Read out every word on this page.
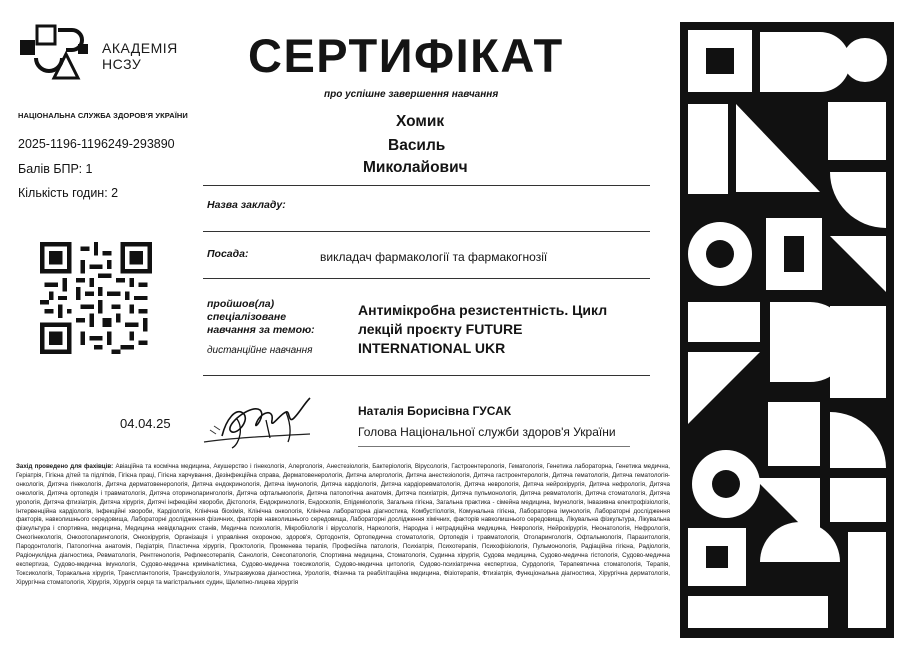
АКАДЕМІЯ
НСЗУ
НАЦІОНАЛЬНА СЛУЖБА ЗДОРОВ'Я УКРАЇНИ
2025-1196-1196249-293890
Балів БПР: 1
Кількість годин: 2
04.04.25
СЕРТИФІКАТ
про успішне завершення навчання
Хомик
Василь
Миколайович
Назва закладу:
Посада:	викладач фармакології та фармакогнозії
пройшов(ла)
спеціалізоване
навчання за темою:
дистанційне навчання
Антимікробна резистентність. Цикл
лекцій проєкту FUTURE
INTERNATIONAL UKR
Наталія Борисівна ГУСАК
Голова Національної служби здоров'я України
Захід проведено для фахівців: Авіаційна та космічна медицина, Акушерство і гінекологія, Алергологія, Анестезіологія, Бактеріологія, Вірусологія, Гастроентерологія, Гематологія, Генетика лабораторна, Генетика медична, Геріатрія, Гігієна дітей та підлітків, Гігієна праці, Гігієна харчування, Дезінфекційна справа, Дерматовенерологія, Дитяча алергологія, Дитяча анестезіологія, Дитяча гастроентерологія, Дитяча гематологія, Дитяча гематологія-онкологія, Дитяча гінекологія, Дитяча дерматовенерологія, Дитяча ендокринологія, Дитяча імунологія, Дитяча кардіологія, Дитяча кардіоревматологія, Дитяча неврологія, Дитяча нейрохірургія, Дитяча нефрологія, Дитяча онкологія, Дитяча ортопедія і травматологія, Дитяча оториноларингологія, Дитяча офтальмологія, Дитяча патологічна анатомія, Дитяча психіатрія, Дитяча пульмонологія, Дитяча ревматологія, Дитяча стоматологія, Дитяча урологія, Дитяча фтизіатрія, Дитяча хірургія, Дитячі інфекційні хвороби, Дієтологія, Ендокринологія, Ендоскопія, Епідеміологія, Загальна гігієна, Загальна практика - сімейна медицина, Імунологія, Інвазивна електрофізіологія, Інтервенційна кардіологія, Інфекційні хвороби, Кардіологія, Клінічна біохімія, Клінічна онкологія, Клінічна лабораторна діагностика, Комбустіологія, Комунальна гігієна, Лабораторна імунологія, Лабораторні дослідження факторів, навколишнього середовища, Лабораторні дослідження фізичних, факторів навколишнього середовища, Лабораторні дослідження хімічних, факторів навколишнього середовища, Лікувальна фізкультура, Лікувальна фізкультура і спортивна, медицина, Медицина невідкладних станів, Медична психологія, Мікробіологія і вірусологія, Наркологія, Народна і нетрадиційна медицина, Неврологія, Нейрохірургія, Неонатологія, Нефрологія, Онкогінекологія, Онкоотоларингологія, Онкохірургія, Організація і управління охороною, здоров'я, Ортодонтія, Ортопедична стоматологія, Ортопедія і травматологія, Отоларингологія, Офтальмологія, Паразитологія, Пародонтологія, Патологічна анатомія, Педіатрія, Пластична хірургія, Проктологія, Променева терапія, Професійна патологія, Психіатрія, Психотерапія, Психофізіологія, Пульмонологія, Радіаційна гігієна, Радіологія, Радіонуклідна діагностика, Ревматологія, Рентгенологія, Рефлексотерапія, Санологія, Сексопатологія, Спортивна медицина, Стоматологія, Судинна хірургія, Судова медицина, Судово-медична гістологія, Судово-медична експертиза, Судово-медична імунологія, Судово-медична криміналістика, Судово-медична токсикологія, Судово-медична цитологія, Судово-психіатрична експертиза, Сурдологія, Терапевтична стоматологія, Терапія, Токсикологія, Торакальна хірургія, Трансплантологія, Трансфузіологія, Ультразвукова діагностика, Урологія, Фізична та реабілітаційна медицина, Фізіотерапія, Фтизіатрія, Функціональна діагностика, Хірургічна дерматологія, Хірургічна стоматологія, Хірургія, Хірургія серця та магістральних судин, Щелепно-лицева хірургія
